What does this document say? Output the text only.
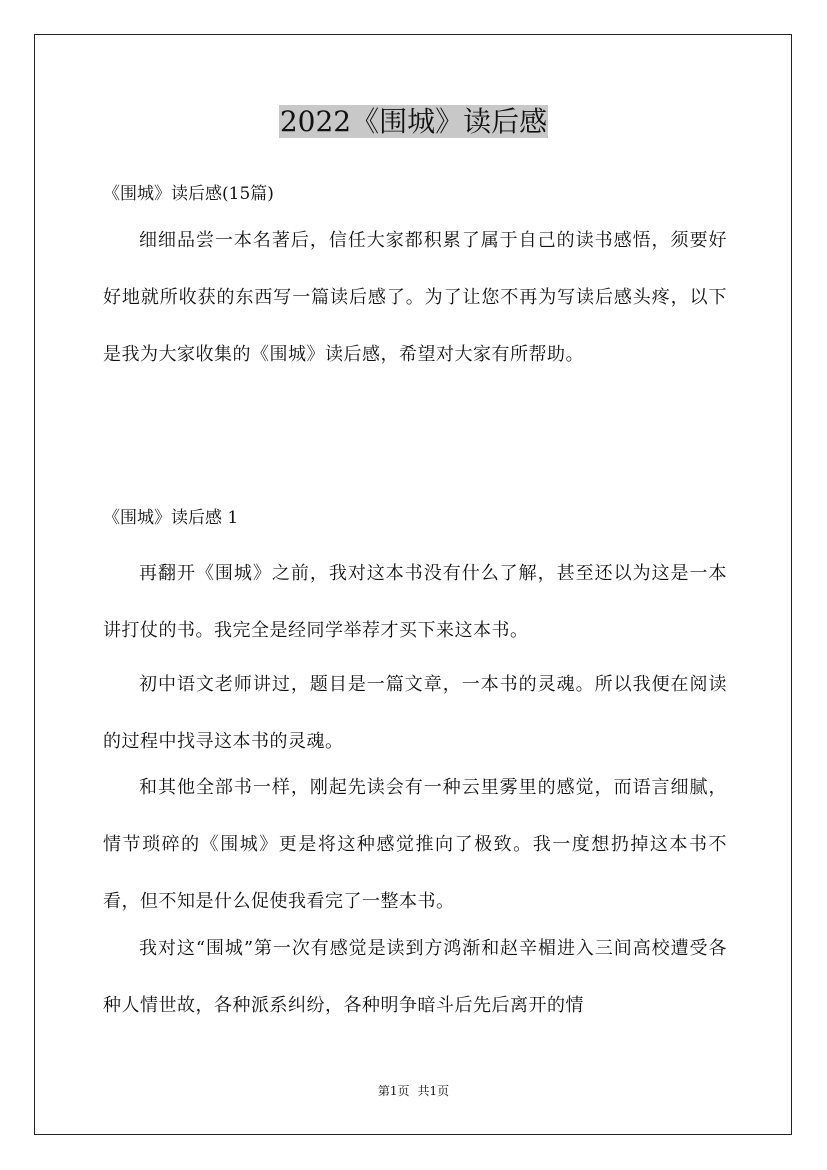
2022《围城》读后感

《围城》读后感(15篇)

细细品尝一本名著后，信任大家都积累了属于自己的读书感悟，须要好好地就所收获的东西写一篇读后感了。为了让您不再为写读后感头疼，以下是我为大家收集的《围城》读后感，希望对大家有所帮助。

《围城》读后感 1

再翻开《围城》之前，我对这本书没有什么了解，甚至还以为这是一本讲打仗的书。我完全是经同学举荐才买下来这本书。

初中语文老师讲过，题目是一篇文章，一本书的灵魂。所以我便在阅读的过程中找寻这本书的灵魂。

和其他全部书一样，刚起先读会有一种云里雾里的感觉，而语言细腻，情节琐碎的《围城》更是将这种感觉推向了极致。我一度想扔掉这本书不看，但不知是什么促使我看完了一整本书。

我对这“围城”第一次有感觉是读到方鸿渐和赵辛楣进入三间高校遭受各种人情世故，各种派系纠纷，各种明争暗斗后先后离开的情

第1页 共1页
